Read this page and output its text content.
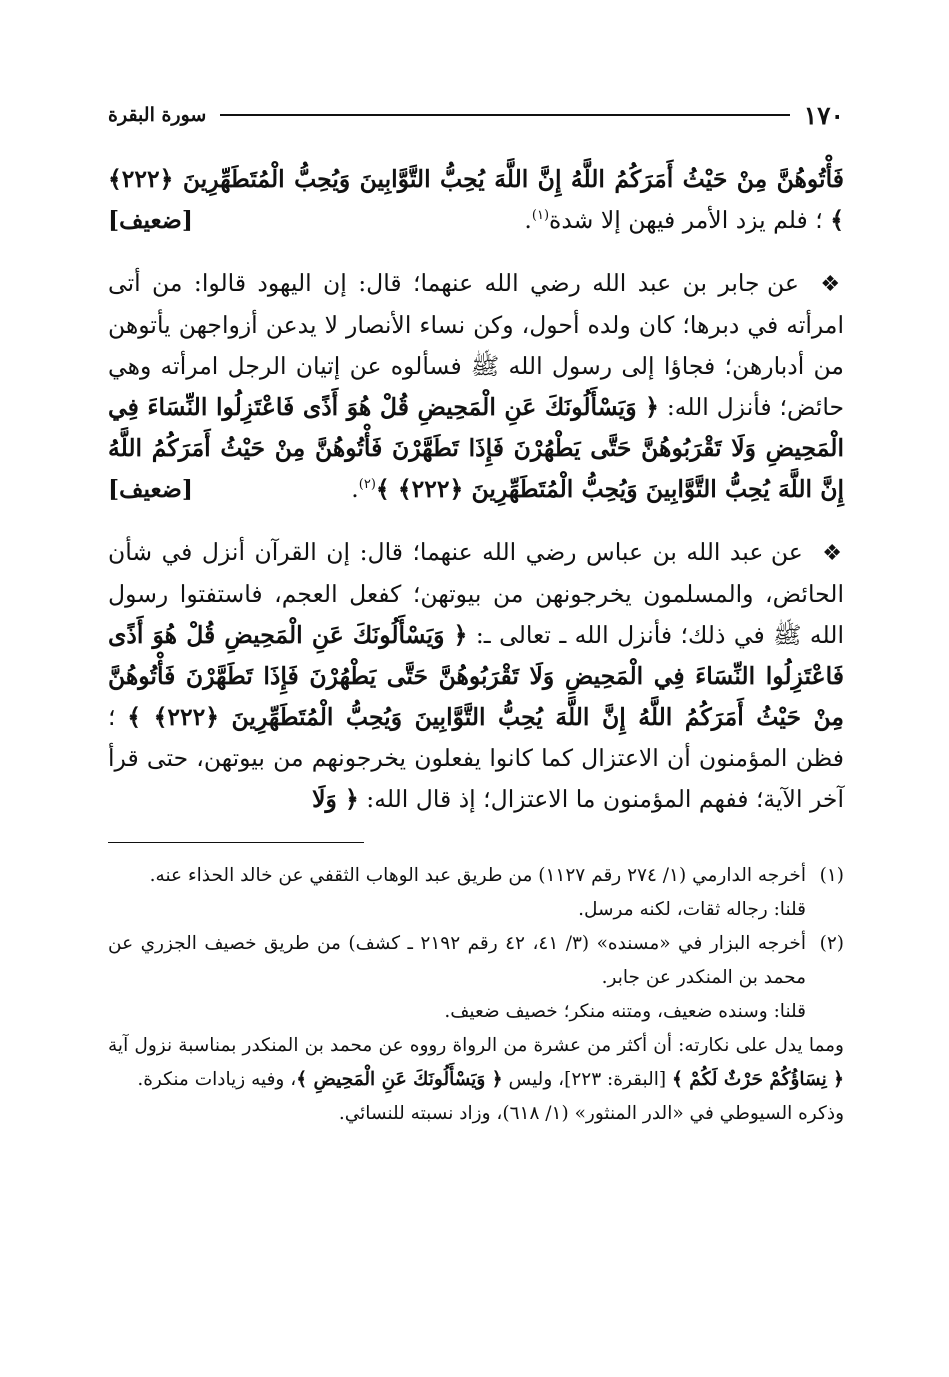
١٧٠
سورة البقرة

فَأْتُوهُنَّ مِنْ حَيْثُ أَمَرَكُمُ اللَّهُ إِنَّ اللَّهَ يُحِبُّ التَّوَّابِينَ وَيُحِبُّ الْمُتَطَهِّرِينَ ﴿٢٢٢﴾ ﴾ ؛ فلم يزد الأمر فيهن إلا شدة$^{(١)}$.
[ضعيف]

❖ عن جابر بن عبد الله رضي الله عنهما؛ قال: إن اليهود قالوا: من أتى امرأته في دبرها؛ كان ولده أحول، وكن نساء الأنصار لا يدعن أزواجهن يأتوهن من أدبارهن؛ فجاؤا إلى رسول الله ﷺ فسألوه عن إتيان الرجل امرأته وهي حائض؛ فأنزل الله: ﴿ وَيَسْأَلُونَكَ عَنِ الْمَحِيضِ قُلْ هُوَ أَذًى فَاعْتَزِلُوا النِّسَاءَ فِي الْمَحِيضِ وَلَا تَقْرَبُوهُنَّ حَتَّى يَطْهُرْنَ فَإِذَا تَطَهَّرْنَ فَأْتُوهُنَّ مِنْ حَيْثُ أَمَرَكُمُ اللَّهُ إِنَّ اللَّهَ يُحِبُّ التَّوَّابِينَ وَيُحِبُّ الْمُتَطَهِّرِينَ ﴿٢٢٢﴾ ﴾$^{(٢)}$.
[ضعيف]

❖ عن عبد الله بن عباس رضي الله عنهما؛ قال: إن القرآن أنزل في شأن الحائض، والمسلمون يخرجونهن من بيوتهن؛ كفعل العجم، فاستفتوا رسول الله ﷺ في ذلك؛ فأنزل الله ـ تعالى ـ: ﴿ وَيَسْأَلُونَكَ عَنِ الْمَحِيضِ قُلْ هُوَ أَذًى فَاعْتَزِلُوا النِّسَاءَ فِي الْمَحِيضِ وَلَا تَقْرَبُوهُنَّ حَتَّى يَطْهُرْنَ فَإِذَا تَطَهَّرْنَ فَأْتُوهُنَّ مِنْ حَيْثُ أَمَرَكُمُ اللَّهُ إِنَّ اللَّهَ يُحِبُّ التَّوَّابِينَ وَيُحِبُّ الْمُتَطَهِّرِينَ ﴿٢٢٢﴾ ﴾ ؛ فظن المؤمنون أن الاعتزال كما كانوا يفعلون يخرجونهم من بيوتهن، حتى قرأ آخر الآية؛ ففهم المؤمنون ما الاعتزال؛ إذ قال الله: ﴿ وَلَا

(١)
أخرجه الدارمي (١/ ٢٧٤ رقم ١١٢٧) من طريق عبد الوهاب الثقفي عن خالد الحذاء عنه.
قلنا: رجاله ثقات، لكنه مرسل.
(٢)
أخرجه البزار في «مسنده» (٣/ ٤١، ٤٢ رقم ٢١٩٢ ـ كشف) من طريق خصيف الجزري عن محمد بن المنكدر عن جابر.
قلنا: وسنده ضعيف، ومتنه منكر؛ خصيف ضعيف.
ومما يدل على نكارته: أن أكثر من عشرة من الرواة رووه عن محمد بن المنكدر بمناسبة نزول آية ﴿ نِسَاؤُكُمْ حَرْثٌ لَكُمْ ﴾ [البقرة: ٢٢٣]، وليس ﴿ وَيَسْأَلُونَكَ عَنِ الْمَحِيضِ ﴾، وفيه زيادات منكرة.
وذكره السيوطي في «الدر المنثور» (١/ ٦١٨)، وزاد نسبته للنسائي.
